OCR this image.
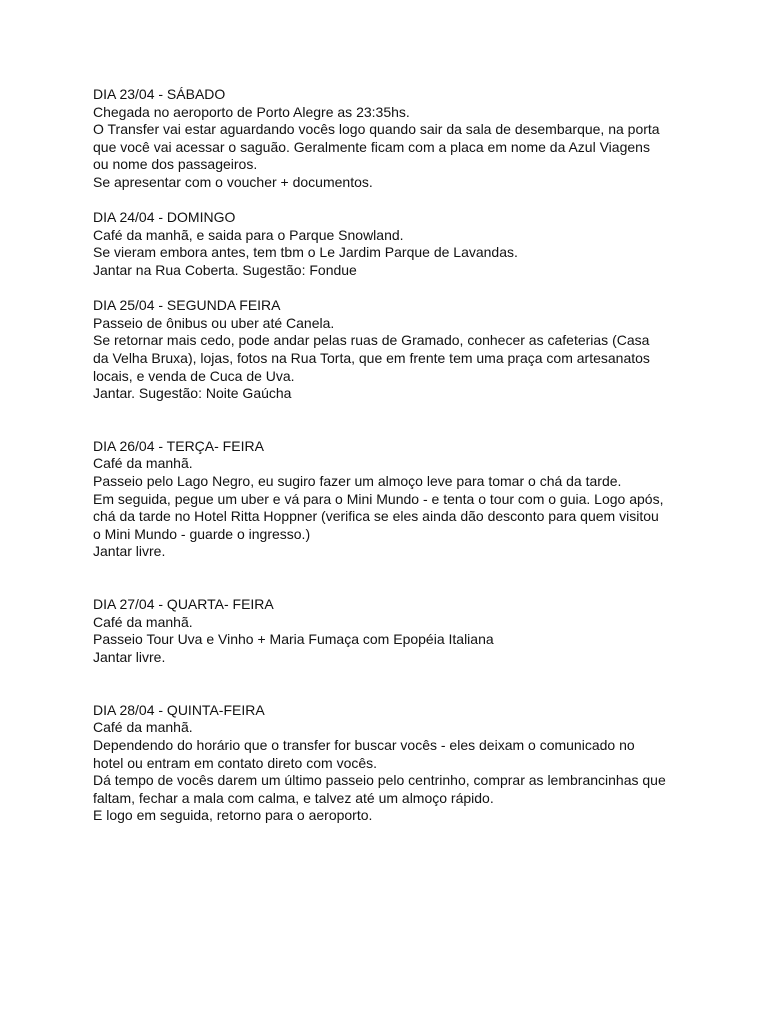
DIA 23/04 - SÁBADO

Chegada no aeroporto de Porto Alegre as 23:35hs.

O Transfer vai estar aguardando vocês logo quando sair da sala de desembarque, na porta

que você vai acessar o saguão. Geralmente ficam com a placa em nome da Azul Viagens

ou nome dos passageiros.

Se apresentar com o voucher + documentos.

DIA 24/04 - DOMINGO

Café da manhã, e saida para o Parque Snowland.

Se vieram embora antes, tem tbm o Le Jardim Parque de Lavandas.

Jantar na Rua Coberta. Sugestão: Fondue

DIA 25/04 - SEGUNDA FEIRA

Passeio de ônibus ou uber até Canela.

Se retornar mais cedo, pode andar pelas ruas de Gramado, conhecer as cafeterias (Casa

da Velha Bruxa), lojas, fotos na Rua Torta, que em frente tem uma praça com artesanatos

locais, e venda de Cuca de Uva.

Jantar. Sugestão: Noite Gaúcha

DIA 26/04 - TERÇA- FEIRA

Café da manhã.

Passeio pelo Lago Negro, eu sugiro fazer um almoço leve para tomar o chá da tarde.

Em seguida, pegue um uber e vá para o Mini Mundo - e tenta o tour com o guia. Logo após,

chá da tarde no Hotel Ritta Hoppner (verifica se eles ainda dão desconto para quem visitou

o Mini Mundo - guarde o ingresso.)

Jantar livre.

DIA 27/04 - QUARTA- FEIRA

Café da manhã.

Passeio Tour Uva e Vinho + Maria Fumaça com Epopéia Italiana

Jantar livre.

DIA 28/04 - QUINTA-FEIRA

Café da manhã.

Dependendo do horário que o transfer for buscar vocês - eles deixam o comunicado no

hotel ou entram em contato direto com vocês.

Dá tempo de vocês darem um último passeio pelo centrinho, comprar as lembrancinhas que

faltam, fechar a mala com calma, e talvez até um almoço rápido.

E logo em seguida, retorno para o aeroporto.
